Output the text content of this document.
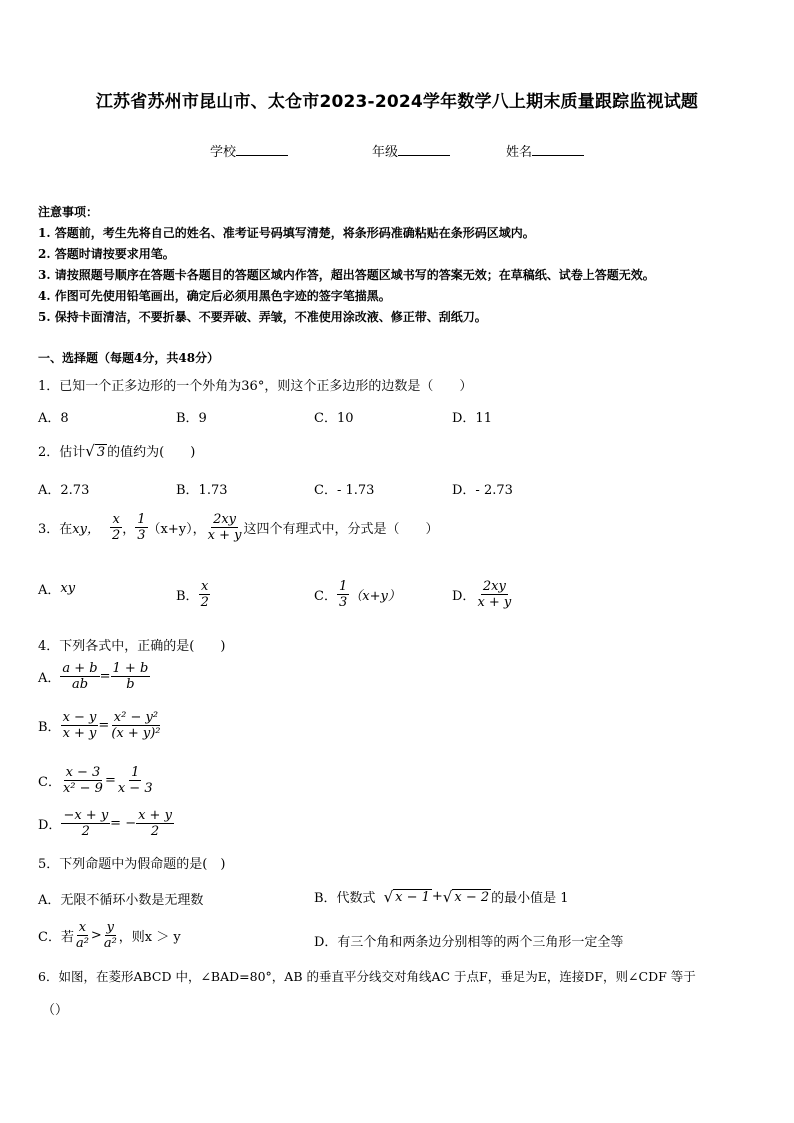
江苏省苏州市昆山市、太仓市2023-2024学年数学八上期末质量跟踪监视试题
学校	年级	姓名
注意事项：
1. 答题前，考生先将自己的姓名、准考证号码填写清楚，将条形码准确粘贴在条形码区域内。
2. 答题时请按要求用笔。
3. 请按照题号顺序在答题卡各题目的答题区域内作答，超出答题区域书写的答案无效；在草稿纸、试卷上答题无效。
4. 作图可先使用铅笔画出，确定后必须用黑色字迹的签字笔描黑。
5. 保持卡面清洁，不要折暴、不要弄破、弄皱，不准使用涂改液、修正带、刮纸刀。
一、选择题（每题4分，共48分）
1．已知一个正多边形的一个外角为36°，则这个正多边形的边数是（　　）
A．8	B．9	C．10	D．11
2．估计√ 3 的值约为(　　)
A．2.73	B．1.73	C．- 1.73	D．- 2.73
3．在 xy， $\frac{x}{2}$ ， $\frac{1}{3} (x+y)$， $\frac{2xy}{x + y}$ 这四个有理式中，分式是（　　）
A． xy
B． $\frac{x}{2}$	C． $\frac{1}{3} (x+y)$	D． $\frac{2xy}{x + y}$
4．下列各式中，正确的是(　　)
A． $\frac{a + b}{ab} = \frac{1 + b}{b}$
B． $\frac{x - y}{x + y} = \frac{\text{x² − y²}}{\text{(x + y)²}}$
C． $\frac{x - 3}{\text{x² − 9}} = \frac{1}{x - 3}$
D． $\frac{-x + y}{2}$ = − $\frac{x + y}{2}$
5．下列命题中为假命题的是(　)
A．无限不循环小数是无理数	B．代数式 √ x − 1 + √ x − 2 的最小值是 1
C．若 $\frac{x}{\text{a²}} > \frac{y}{\text{a²}}$ ，则x ＞ y	D．有三个角和两条边分别相等的两个三角形一定全等
6．如图，在菱形ABCD 中，∠BAD=80°，AB 的垂直平分线交对角线AC 于点F，垂足为E，连接DF，则∠CDF 等于
（）
